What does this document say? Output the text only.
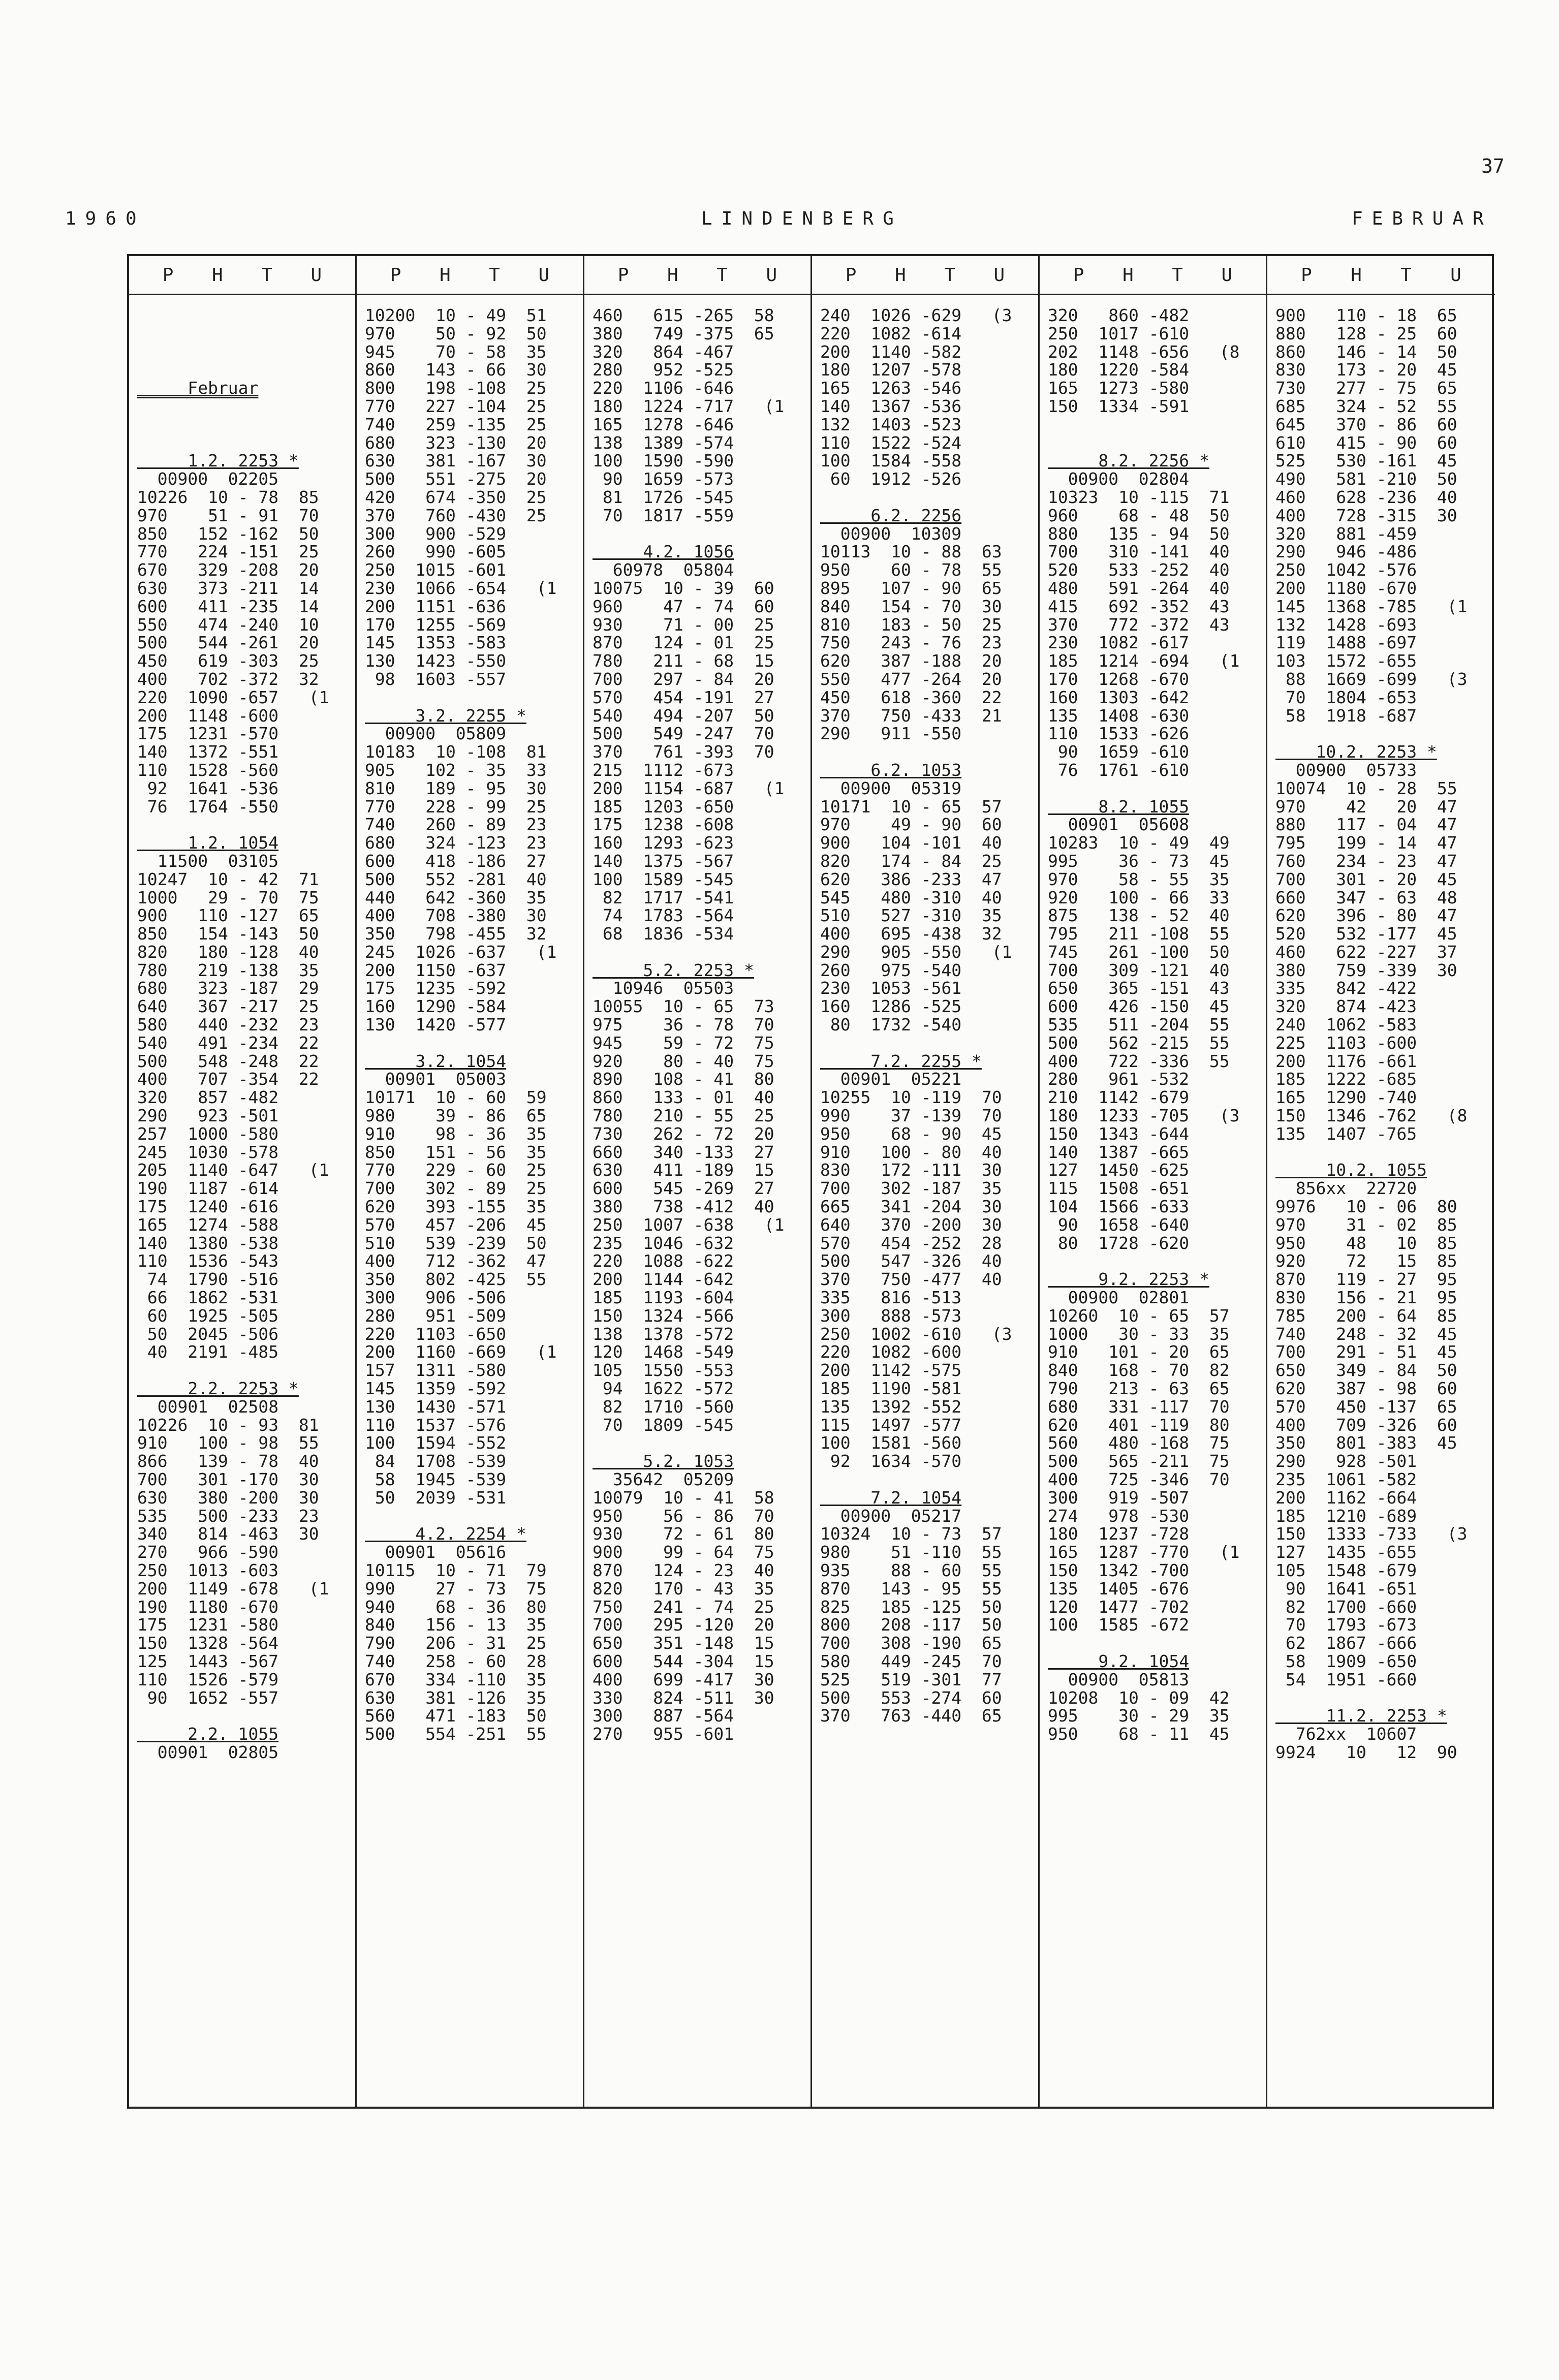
37
1960	LINDENBERG	FEBRUAR
P H T U
Februar
1.2. 2253 *
00900  02205
10226  10 - 78  85
970    51 - 91  70
850   152 -162  50
770   224 -151  25
670   329 -208  20
630   373 -211  14
600   411 -235  14
550   474 -240  10
500   544 -261  20
450   619 -303  25
400   702 -372  32
220  1090 -657   (1
200  1148 -600
175  1231 -570
140  1372 -551
110  1528 -560
92  1641 -536
76  1764 -550
1.2. 1054
11500  03105
10247  10 - 42  71
1000   29 - 70  75
900   110 -127  65
850   154 -143  50
820   180 -128  40
780   219 -138  35
680   323 -187  29
640   367 -217  25
580   440 -232  23
540   491 -234  22
500   548 -248  22
400   707 -354  22
320   857 -482
290   923 -501
257  1000 -580
245  1030 -578
205  1140 -647   (1
190  1187 -614
175  1240 -616
165  1274 -588
140  1380 -538
110  1536 -543
74  1790 -516
66  1862 -531
60  1925 -505
50  2045 -506
40  2191 -485
2.2. 2253 *
00901  02508
10226  10 - 93  81
910   100 - 98  55
866   139 - 78  40
700   301 -170  30
630   380 -200  30
535   500 -233  23
340   814 -463  30
270   966 -590
250  1013 -603
200  1149 -678   (1
190  1180 -670
175  1231 -580
150  1328 -564
125  1443 -567
110  1526 -579
90  1652 -557
2.2. 1055
00901  02805
P H T U
10200  10 - 49  51
970    50 - 92  50
945    70 - 58  35
860   143 - 66  30
800   198 -108  25
770   227 -104  25
740   259 -135  25
680   323 -130  20
630   381 -167  30
500   551 -275  20
420   674 -350  25
370   760 -430  25
300   900 -529
260   990 -605
250  1015 -601
230  1066 -654   (1
200  1151 -636
170  1255 -569
145  1353 -583
130  1423 -550
98  1603 -557
3.2. 2255 *
00900  05809
10183  10 -108  81
905   102 - 35  33
810   189 - 95  30
770   228 - 99  25
740   260 - 89  23
680   324 -123  23
600   418 -186  27
500   552 -281  40
440   642 -360  35
400   708 -380  30
350   798 -455  32
245  1026 -637   (1
200  1150 -637
175  1235 -592
160  1290 -584
130  1420 -577
3.2. 1054
00901  05003
10171  10 - 60  59
980    39 - 86  65
910    98 - 36  35
850   151 - 56  35
770   229 - 60  25
700   302 - 89  25
620   393 -155  35
570   457 -206  45
510   539 -239  50
400   712 -362  47
350   802 -425  55
300   906 -506
280   951 -509
220  1103 -650
200  1160 -669   (1
157  1311 -580
145  1359 -592
130  1430 -571
110  1537 -576
100  1594 -552
84  1708 -539
58  1945 -539
50  2039 -531
4.2. 2254 *
00901  05616
10115  10 - 71  79
990    27 - 73  75
940    68 - 36  80
840   156 - 13  35
790   206 - 31  25
740   258 - 60  28
670   334 -110  35
630   381 -126  35
560   471 -183  50
500   554 -251  55
P H T U
460   615 -265  58
380   749 -375  65
320   864 -467
280   952 -525
220  1106 -646
180  1224 -717   (1
165  1278 -646
138  1389 -574
100  1590 -590
90  1659 -573
81  1726 -545
70  1817 -559
4.2. 1056
60978  05804
10075  10 - 39  60
960    47 - 74  60
930    71 - 00  25
870   124 - 01  25
780   211 - 68  15
700   297 - 84  20
570   454 -191  27
540   494 -207  50
500   549 -247  70
370   761 -393  70
215  1112 -673
200  1154 -687   (1
185  1203 -650
175  1238 -608
160  1293 -623
140  1375 -567
100  1589 -545
82  1717 -541
74  1783 -564
68  1836 -534
5.2. 2253 *
10946  05503
10055  10 - 65  73
975    36 - 78  70
945    59 - 72  75
920    80 - 40  75
890   108 - 41  80
860   133 - 01  40
780   210 - 55  25
730   262 - 72  20
660   340 -133  27
630   411 -189  15
600   545 -269  27
380   738 -412  40
250  1007 -638   (1
235  1046 -632
220  1088 -622
200  1144 -642
185  1193 -604
150  1324 -566
138  1378 -572
120  1468 -549
105  1550 -553
94  1622 -572
82  1710 -560
70  1809 -545
5.2. 1053
35642  05209
10079  10 - 41  58
950    56 - 86  70
930    72 - 61  80
900    99 - 64  75
870   124 - 23  40
820   170 - 43  35
750   241 - 74  25
700   295 -120  20
650   351 -148  15
600   544 -304  15
400   699 -417  30
330   824 -511  30
300   887 -564
270   955 -601
P H T U
240  1026 -629   (3
220  1082 -614
200  1140 -582
180  1207 -578
165  1263 -546
140  1367 -536
132  1403 -523
110  1522 -524
100  1584 -558
60  1912 -526
6.2. 2256
00900  10309
10113  10 - 88  63
950    60 - 78  55
895   107 - 90  65
840   154 - 70  30
810   183 - 50  25
750   243 - 76  23
620   387 -188  20
550   477 -264  20
450   618 -360  22
370   750 -433  21
290   911 -550
6.2. 1053
00900  05319
10171  10 - 65  57
970    49 - 90  60
900   104 -101  40
820   174 - 84  25
620   386 -233  47
545   480 -310  40
510   527 -310  35
400   695 -438  32
290   905 -550   (1
260   975 -540
230  1053 -561
160  1286 -525
80  1732 -540
7.2. 2255 *
00901  05221
10255  10 -119  70
990    37 -139  70
950    68 - 90  45
910   100 - 80  40
830   172 -111  30
700   302 -187  35
665   341 -204  30
640   370 -200  30
570   454 -252  28
500   547 -326  40
370   750 -477  40
335   816 -513
300   888 -573
250  1002 -610   (3
220  1082 -600
200  1142 -575
185  1190 -581
135  1392 -552
115  1497 -577
100  1581 -560
92  1634 -570
7.2. 1054
00900  05217
10324  10 - 73  57
980    51 -110  55
935    88 - 60  55
870   143 - 95  55
825   185 -125  50
800   208 -117  50
700   308 -190  65
580   449 -245  70
525   519 -301  77
500   553 -274  60
370   763 -440  65
P H T U
320   860 -482
250  1017 -610
202  1148 -656   (8
180  1220 -584
165  1273 -580
150  1334 -591
8.2. 2256 *
00900  02804
10323  10 -115  71
960    68 - 48  50
880   135 - 94  50
700   310 -141  40
520   533 -252  40
480   591 -264  40
415   692 -352  43
370   772 -372  43
230  1082 -617
185  1214 -694   (1
170  1268 -670
160  1303 -642
135  1408 -630
110  1533 -626
90  1659 -610
76  1761 -610
8.2. 1055
00901  05608
10283  10 - 49  49
995    36 - 73  45
970    58 - 55  35
920   100 - 66  33
875   138 - 52  40
795   211 -108  55
745   261 -100  50
700   309 -121  40
650   365 -151  43
600   426 -150  45
535   511 -204  55
500   562 -215  55
400   722 -336  55
280   961 -532
210  1142 -679
180  1233 -705   (3
150  1343 -644
140  1387 -665
127  1450 -625
115  1508 -651
104  1566 -633
90  1658 -640
80  1728 -620
9.2. 2253 *
00900  02801
10260  10 - 65  57
1000   30 - 33  35
910   101 - 20  65
840   168 - 70  82
790   213 - 63  65
680   331 -117  70
620   401 -119  80
560   480 -168  75
500   565 -211  75
400   725 -346  70
300   919 -507
274   978 -530
180  1237 -728
165  1287 -770   (1
150  1342 -700
135  1405 -676
120  1477 -702
100  1585 -672
9.2. 1054
00900  05813
10208  10 - 09  42
995    30 - 29  35
950    68 - 11  45
P H T U
900   110 - 18  65
880   128 - 25  60
860   146 - 14  50
830   173 - 20  45
730   277 - 75  65
685   324 - 52  55
645   370 - 86  60
610   415 - 90  60
525   530 -161  45
490   581 -210  50
460   628 -236  40
400   728 -315  30
320   881 -459
290   946 -486
250  1042 -576
200  1180 -670
145  1368 -785   (1
132  1428 -693
119  1488 -697
103  1572 -655
88  1669 -699   (3
70  1804 -653
58  1918 -687
10.2. 2253 *
00900  05733
10074  10 - 28  55
970    42   20  47
880   117 - 04  47
795   199 - 14  47
760   234 - 23  47
700   301 - 20  45
660   347 - 63  48
620   396 - 80  47
520   532 -177  45
460   622 -227  37
380   759 -339  30
335   842 -422
320   874 -423
240  1062 -583
225  1103 -600
200  1176 -661
185  1222 -685
165  1290 -740
150  1346 -762   (8
135  1407 -765
10.2. 1055
856xx  22720
9976   10 - 06  80
970    31 - 02  85
950    48   10  85
920    72   15  85
870   119 - 27  95
830   156 - 21  95
785   200 - 64  85
740   248 - 32  45
700   291 - 51  45
650   349 - 84  50
620   387 - 98  60
570   450 -137  65
400   709 -326  60
350   801 -383  45
290   928 -501
235  1061 -582
200  1162 -664
185  1210 -689
150  1333 -733   (3
127  1435 -655
105  1548 -679
90  1641 -651
82  1700 -660
70  1793 -673
62  1867 -666
58  1909 -650
54  1951 -660
11.2. 2253 *
762xx  10607
9924   10   12  90
